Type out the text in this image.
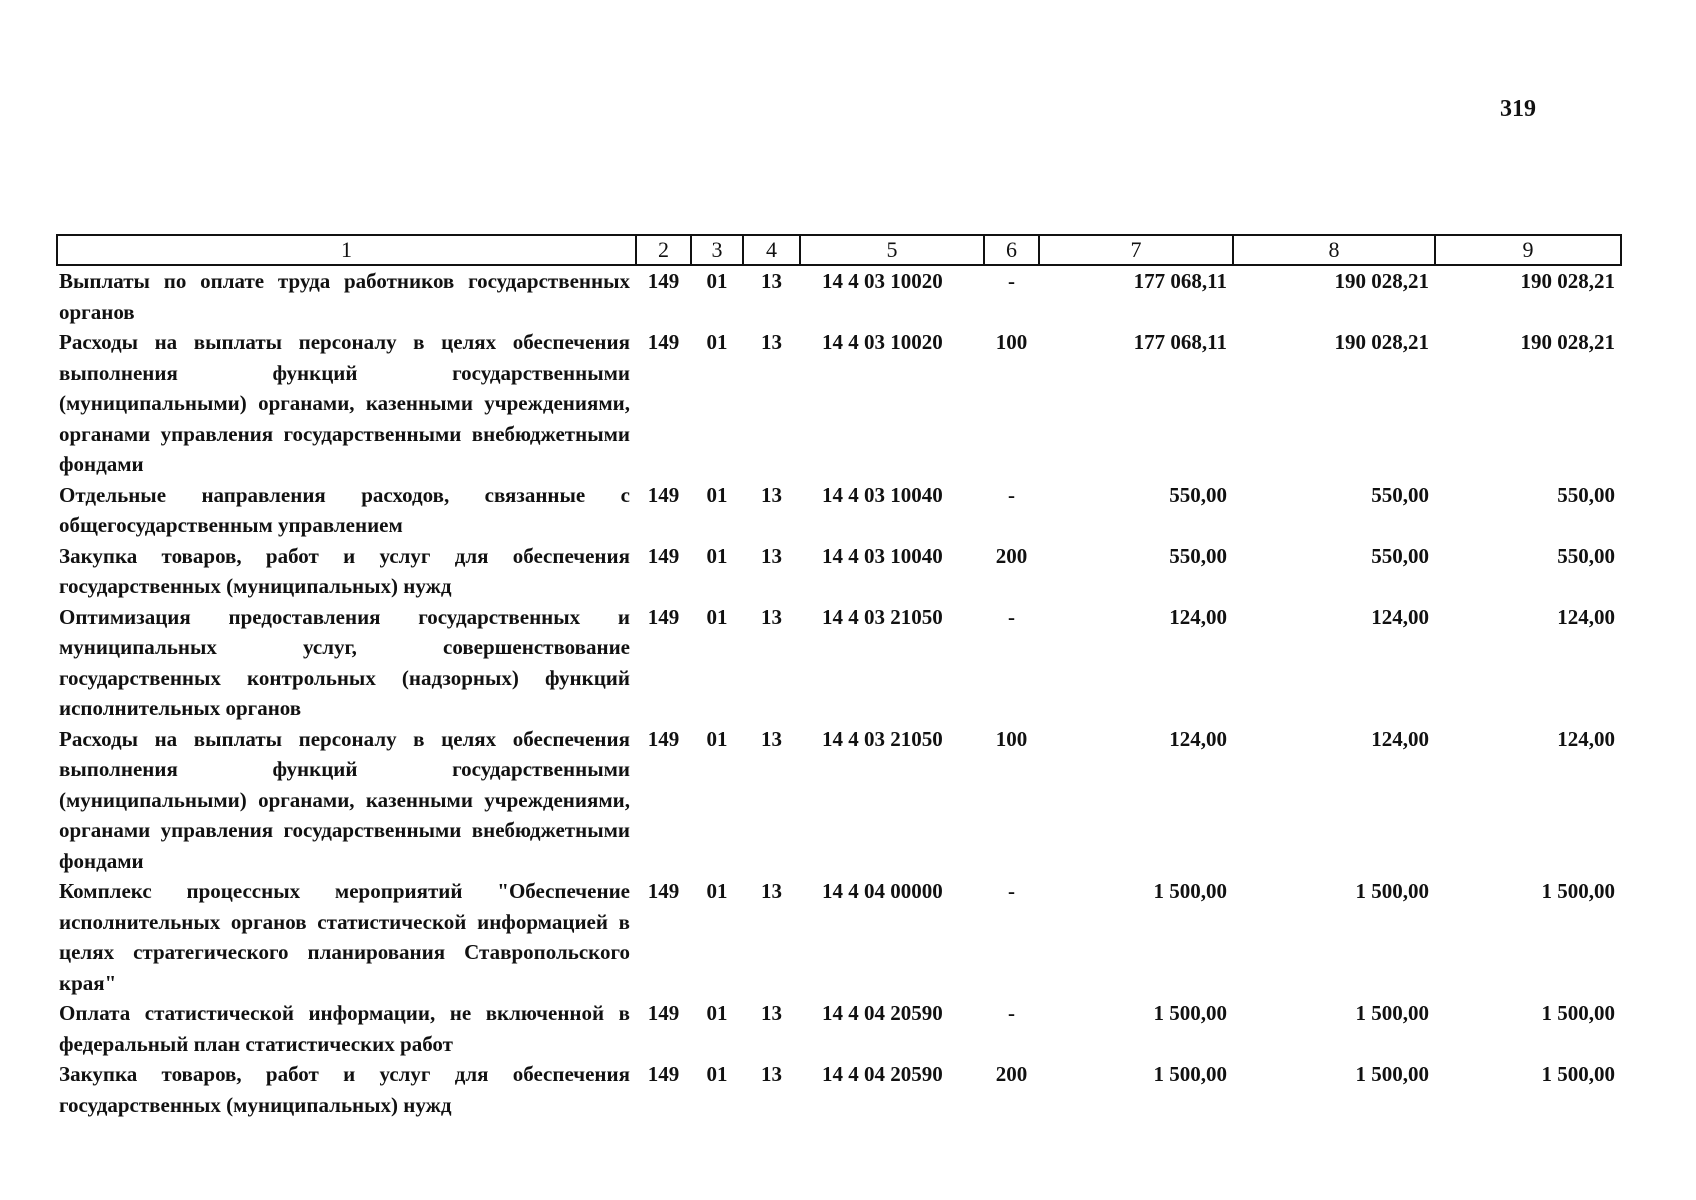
319
1	2	3	4	5	6	7	8	9
Выплаты по оплате труда работников государственных органов	149	01	13	14 4 03 10020	-	177 068,11	190 028,21	190 028,21
Расходы на выплаты персоналу в целях обеспечения выполнения функций государственными (муниципальными) органами, казенными учреждениями, органами управления государственными внебюджетными фондами	149	01	13	14 4 03 10020	100	177 068,11	190 028,21	190 028,21
Отдельные направления расходов, связанные с общегосударственным управлением	149	01	13	14 4 03 10040	-	550,00	550,00	550,00
Закупка товаров, работ и услуг для обеспечения государственных (муниципальных) нужд	149	01	13	14 4 03 10040	200	550,00	550,00	550,00
Оптимизация предоставления государственных и муниципальных услуг, совершенствование государственных контрольных (надзорных) функций исполнительных органов	149	01	13	14 4 03 21050	-	124,00	124,00	124,00
Расходы на выплаты персоналу в целях обеспечения выполнения функций государственными (муниципальными) органами, казенными учреждениями, органами управления государственными внебюджетными фондами	149	01	13	14 4 03 21050	100	124,00	124,00	124,00
Комплекс процессных мероприятий "Обеспечение исполнительных органов статистической информацией в целях стратегического планирования Ставропольского края"	149	01	13	14 4 04 00000	-	1 500,00	1 500,00	1 500,00
Оплата статистической информации, не включенной в федеральный план статистических работ	149	01	13	14 4 04 20590	-	1 500,00	1 500,00	1 500,00
Закупка товаров, работ и услуг для обеспечения государственных (муниципальных) нужд	149	01	13	14 4 04 20590	200	1 500,00	1 500,00	1 500,00
